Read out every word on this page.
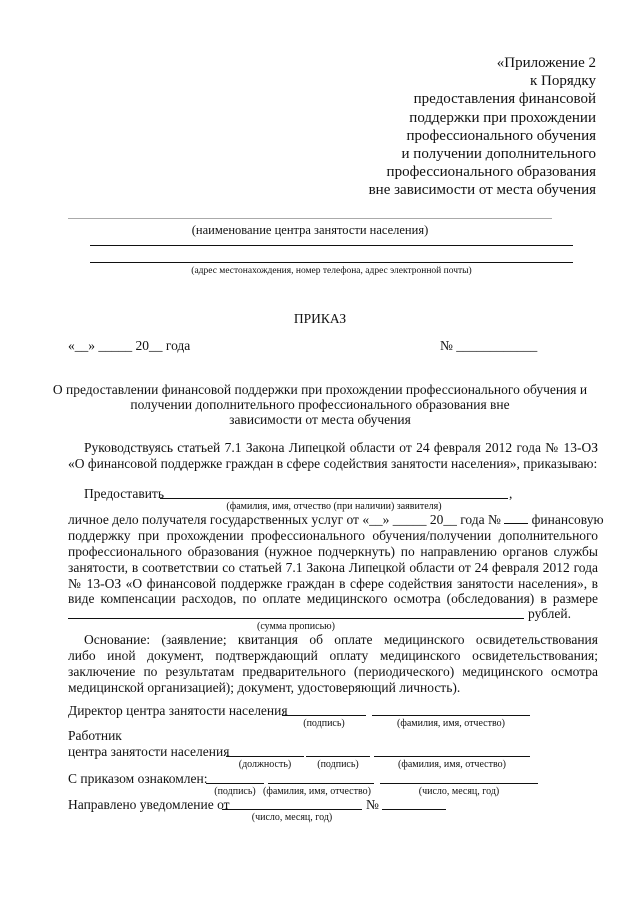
«Приложение 2
к Порядку
предоставления финансовой
поддержки при прохождении
профессионального обучения
и получении дополнительного
профессионального образования
вне зависимости от места обучения
(наименование центра занятости населения)
(адрес местонахождения, номер телефона, адрес электронной почты)
ПРИКАЗ
«__» _____ 20__ года	№ ____________
О предоставлении финансовой поддержки при прохождении профессионального обучения и
получении дополнительного профессионального образования вне
зависимости от места обучения
Руководствуясь статьей 7.1 Закона Липецкой области от 24 февраля 2012 года № 13-ОЗ
«О финансовой поддержке граждан в сфере содействия занятости населения», приказываю:
Предоставить	,
(фамилия, имя, отчество (при наличии) заявителя)
личное дело получателя государственных услуг от «__» _____ 20__ года № финансовую
поддержку при прохождении профессионального обучения/получении дополнительного
профессионального образования (нужное подчеркнуть) по направлению органов службы
занятости, в соответствии со статьей 7.1 Закона Липецкой области от 24 февраля 2012 года
№ 13-ОЗ «О финансовой поддержке граждан в сфере содействия занятости населения», в
виде компенсации расходов, по оплате медицинского осмотра (обследования) в размере
рублей.
(сумма прописью)
Основание: (заявление; квитанция об оплате медицинского освидетельствования
либо иной документ, подтверждающий оплату медицинского освидетельствования;
заключение по результатам предварительного (периодического) медицинского осмотра
медицинской организацией); документ, удостоверяющий личность).
Директор центра занятости населения
(подпись)	(фамилия, имя, отчество)
Работник
центра занятости населения
(должность)	(подпись)	(фамилия, имя, отчество)
С приказом ознакомлен:
(подпись) (фамилия, имя, отчество)	(число, месяц, год)
Направлено уведомление от	№
(число, месяц, год)
